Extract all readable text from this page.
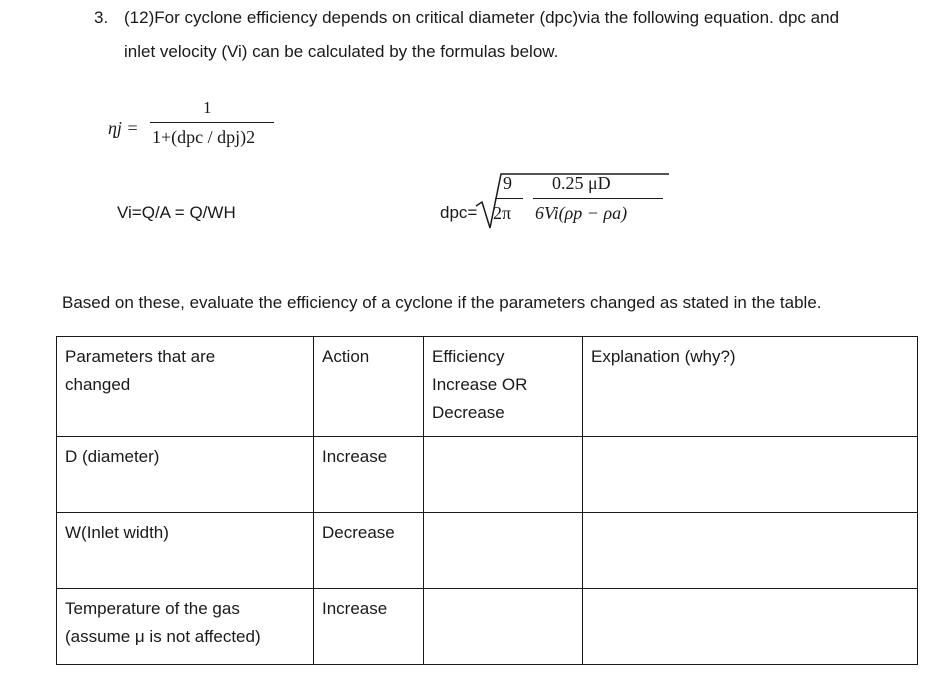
3. (12)For cyclone efficiency depends on critical diameter (dpc)via the following equation. dpc and
inlet velocity (Vi) can be calculated by the formulas below.
ηj =
1
1+(dpc / dpj)2
Vi=Q/A = Q/WH	dpc=
9 0.25 μD
2π 6Vi(ρp − ρa)
Based on these, evaluate the efficiency of a cyclone if the parameters changed as stated in the table.
Parameters that are
changed	Action	Efficiency
Increase OR
Decrease	Explanation (why?)

D (diameter)	Increase		

W(Inlet width)	Decrease		

Temperature of the gas
(assume μ is not affected)	Increase		
